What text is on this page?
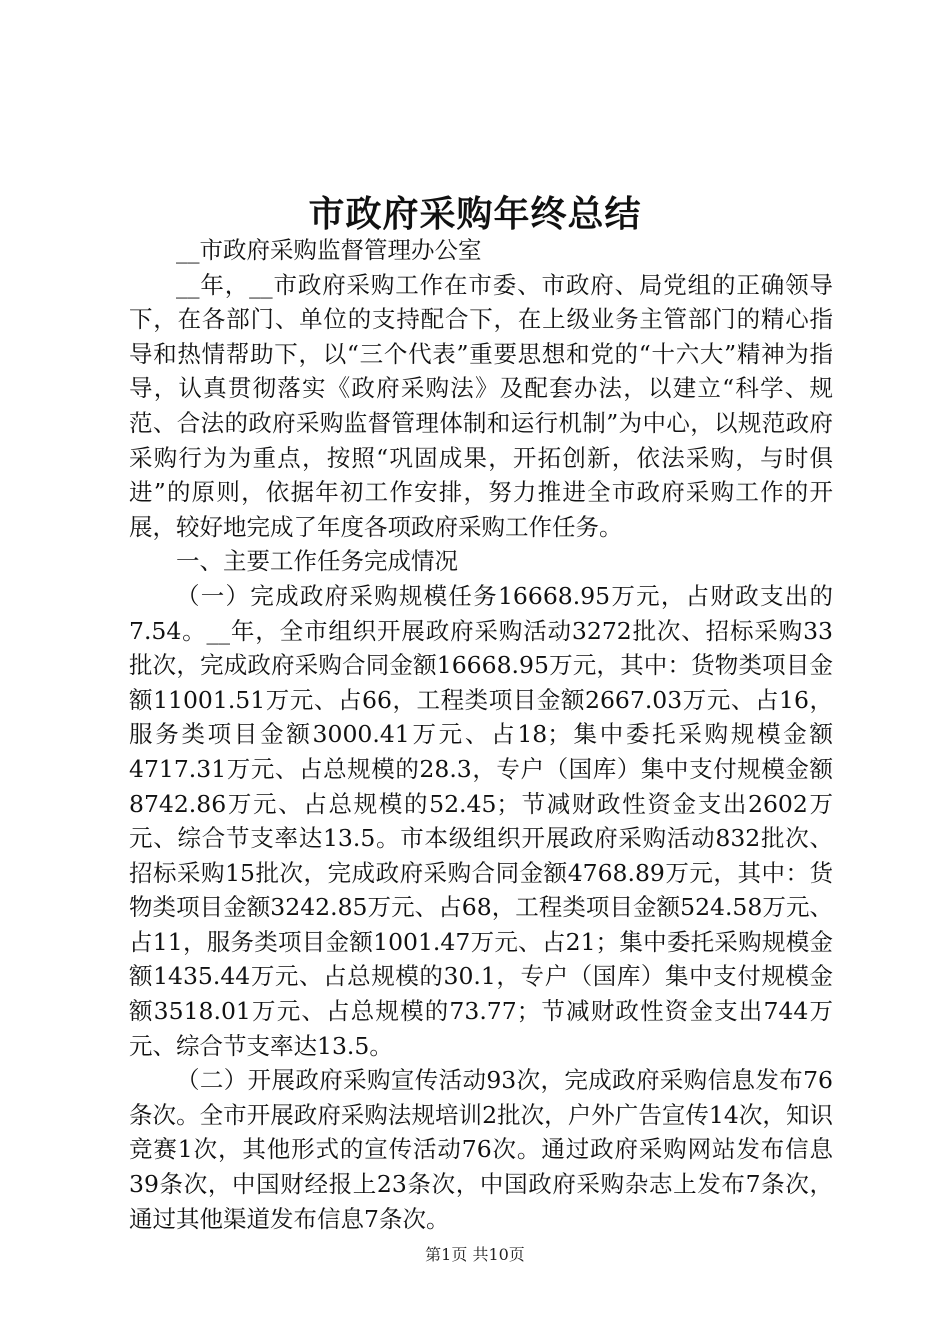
市政府采购年终总结

__市政府采购监督管理办公室

__年，__市政府采购工作在市委、市政府、局党组的正确领导下，在各部门、单位的支持配合下，在上级业务主管部门的精心指导和热情帮助下，以“三个代表”重要思想和党的“十六大”精神为指导，认真贯彻落实《政府采购法》及配套办法，以建立“科学、规范、合法的政府采购监督管理体制和运行机制”为中心，以规范政府采购行为为重点，按照“巩固成果，开拓创新，依法采购，与时俱进”的原则，依据年初工作安排，努力推进全市政府采购工作的开展，较好地完成了年度各项政府采购工作任务。

一、主要工作任务完成情况

（一）完成政府采购规模任务16668.95万元，占财政支出的7.54。__年，全市组织开展政府采购活动3272批次、招标采购33批次，完成政府采购合同金额16668.95万元，其中：货物类项目金额11001.51万元、占66，工程类项目金额2667.03万元、占16，服务类项目金额3000.41万元、占18；集中委托采购规模金额4717.31万元、占总规模的28.3，专户（国库）集中支付规模金额8742.86万元、占总规模的52.45；节减财政性资金支出2602万元、综合节支率达13.5。市本级组织开展政府采购活动832批次、招标采购15批次，完成政府采购合同金额4768.89万元，其中：货物类项目金额3242.85万元、占68，工程类项目金额524.58万元、占11，服务类项目金额1001.47万元、占21；集中委托采购规模金额1435.44万元、占总规模的30.1，专户（国库）集中支付规模金额3518.01万元、占总规模的73.77；节减财政性资金支出744万元、综合节支率达13.5。

（二）开展政府采购宣传活动93次，完成政府采购信息发布76条次。全市开展政府采购法规培训2批次，户外广告宣传14次，知识竞赛1次，其他形式的宣传活动76次。通过政府采购网站发布信息39条次，中国财经报上23条次，中国政府采购杂志上发布7条次，通过其他渠道发布信息7条次。

第1页 共10页
